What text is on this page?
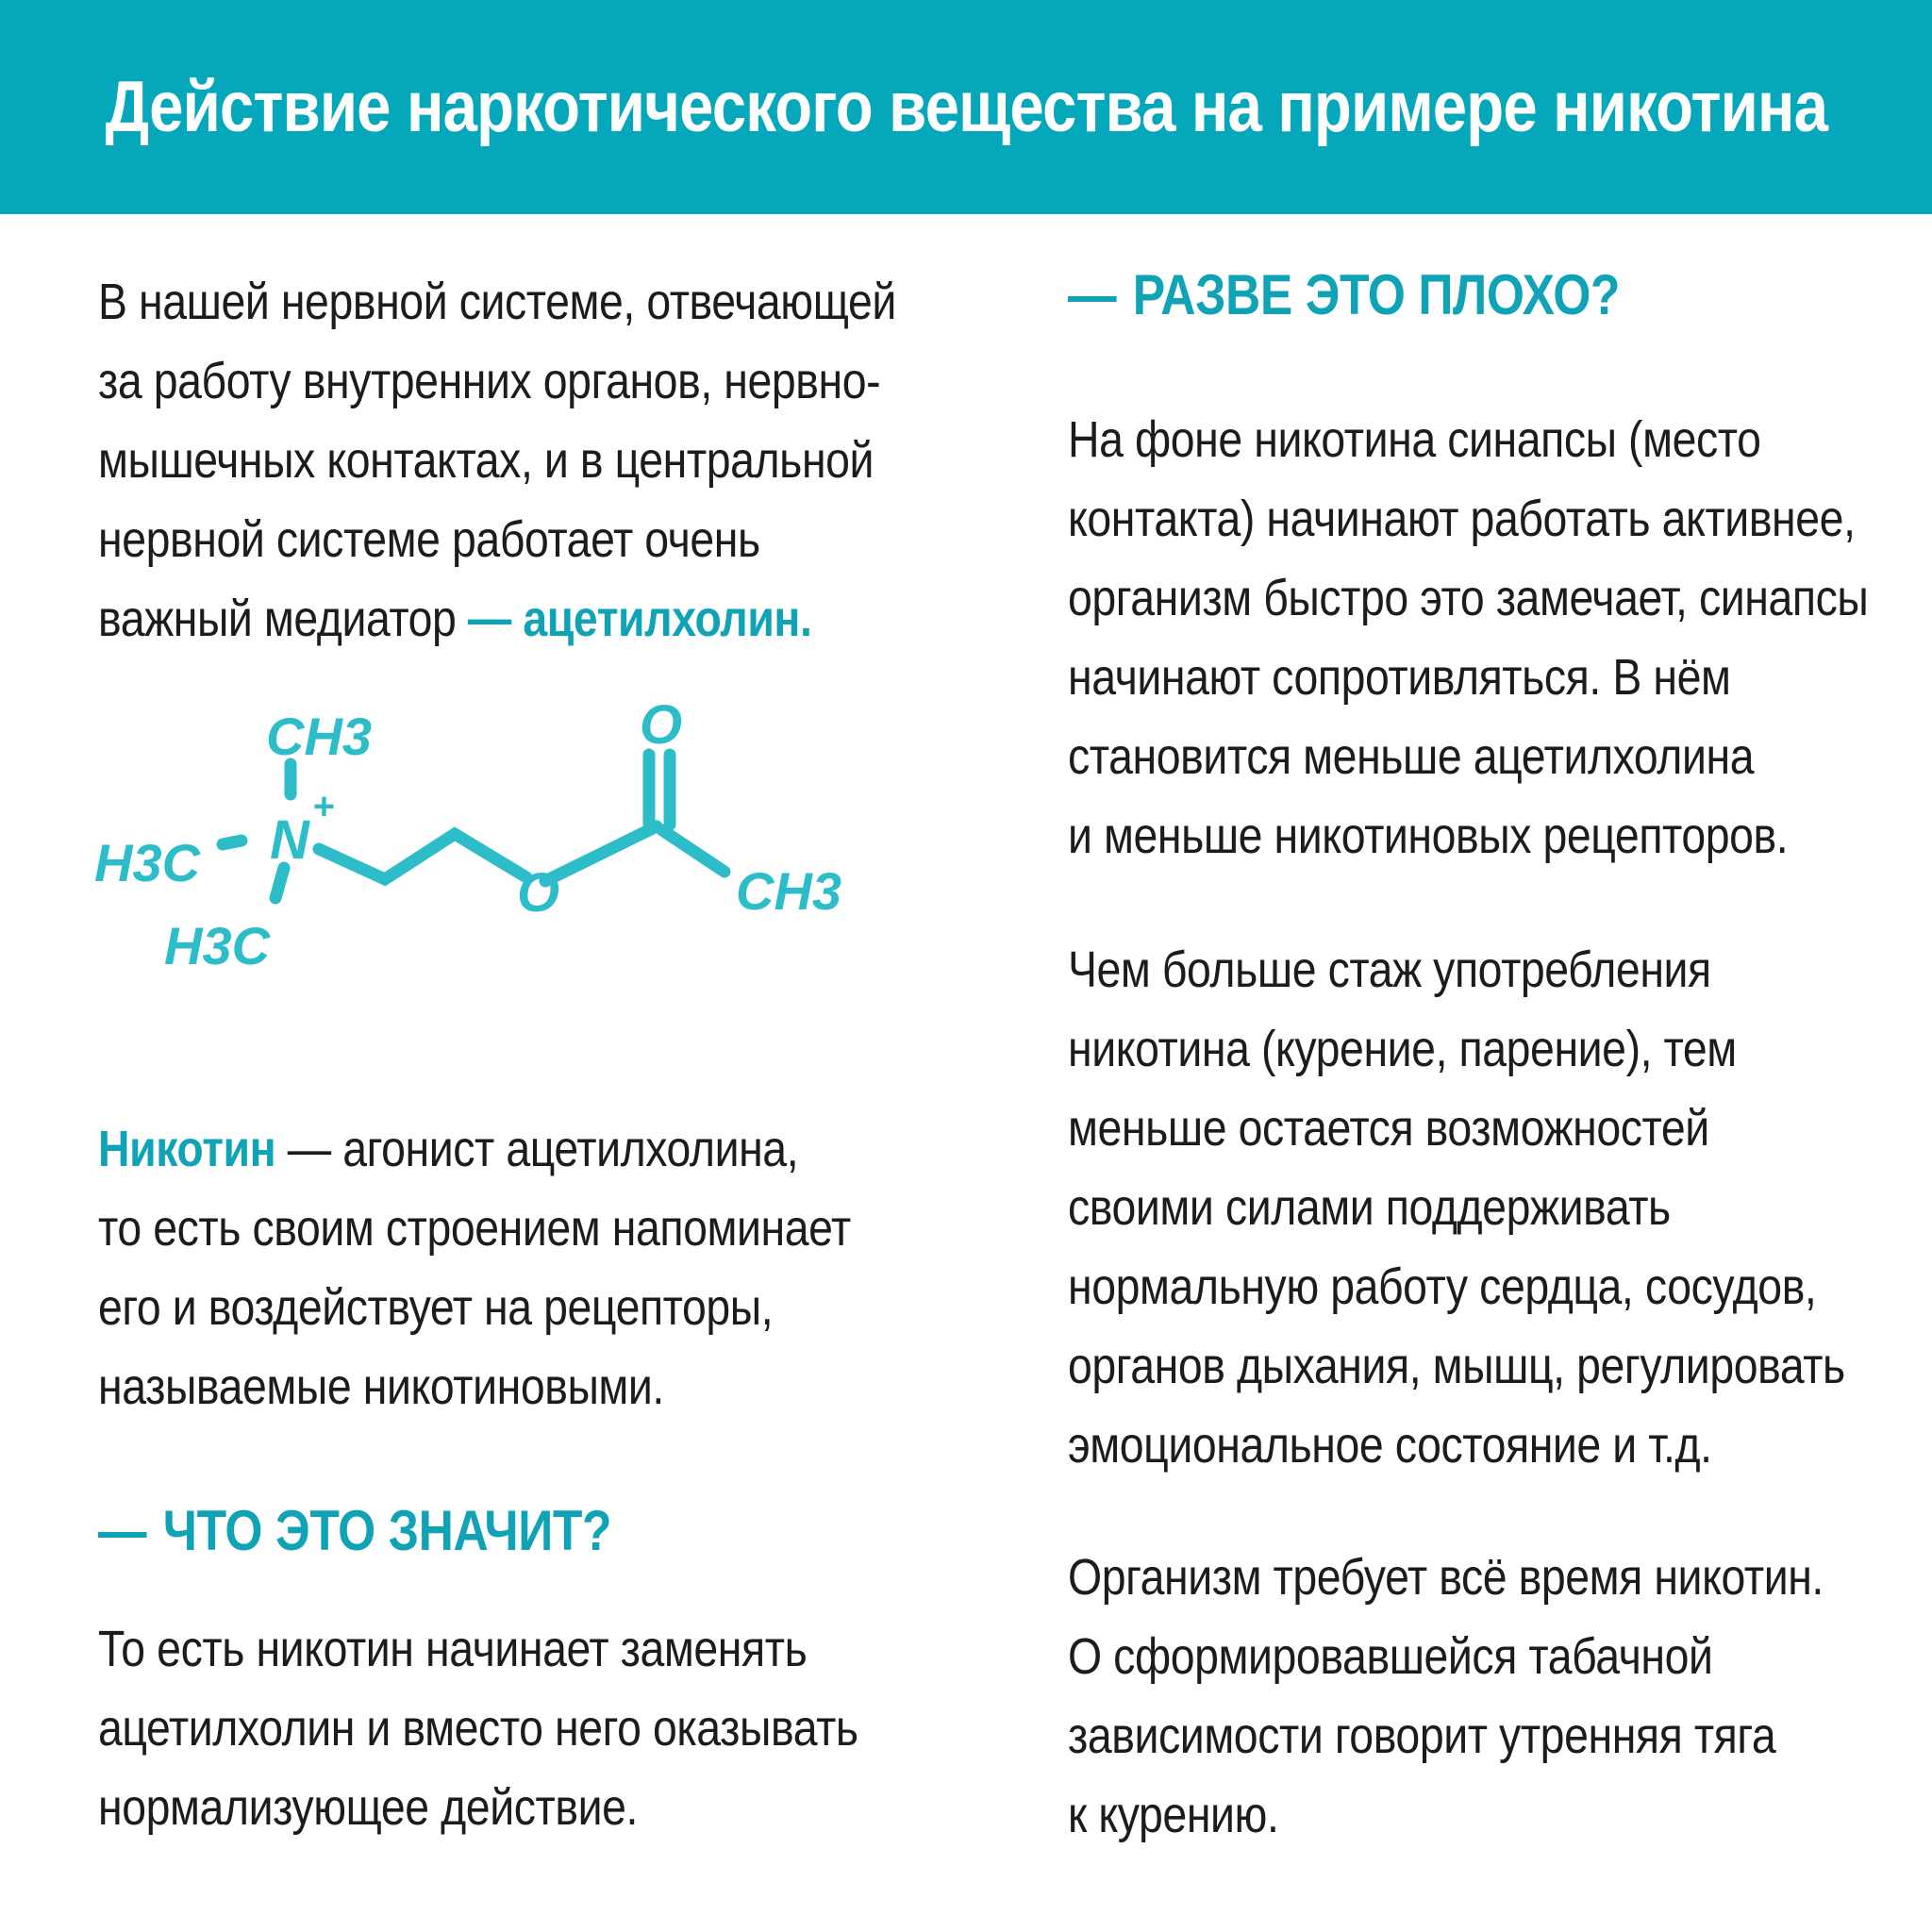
Действие наркотического вещества на примере никотина
В нашей нервной системе, отвечающей
за работу внутренних органов, нервно-
мышечных контактах, и в центральной
нервной системе работает очень
важный медиатор — ацетилхолин.
Никотин — агонист ацетилхолина,
то есть своим строением напоминает
его и воздействует на рецепторы,
называемые никотиновыми.
— ЧТО ЭТО ЗНАЧИТ?
То есть никотин начинает заменять
ацетилхолин и вместо него оказывать
нормализующее действие.
CH3
+
N
H3C
H3C
O
O	CH3
— РАЗВЕ ЭТО ПЛОХО?
На фоне никотина синапсы (место
контакта) начинают работать активнее,
организм быстро это замечает, синапсы
начинают сопротивляться. В нём
становится меньше ацетилхолина
и меньше никотиновых рецепторов.
Чем больше стаж употребления
никотина (курение, парение), тем
меньше остается возможностей
своими силами поддерживать
нормальную работу сердца, сосудов,
органов дыхания, мышц, регулировать
эмоциональное состояние и т.д.
Организм требует всё время никотин.
О сформировавшейся табачной
зависимости говорит утренняя тяга
к курению.
